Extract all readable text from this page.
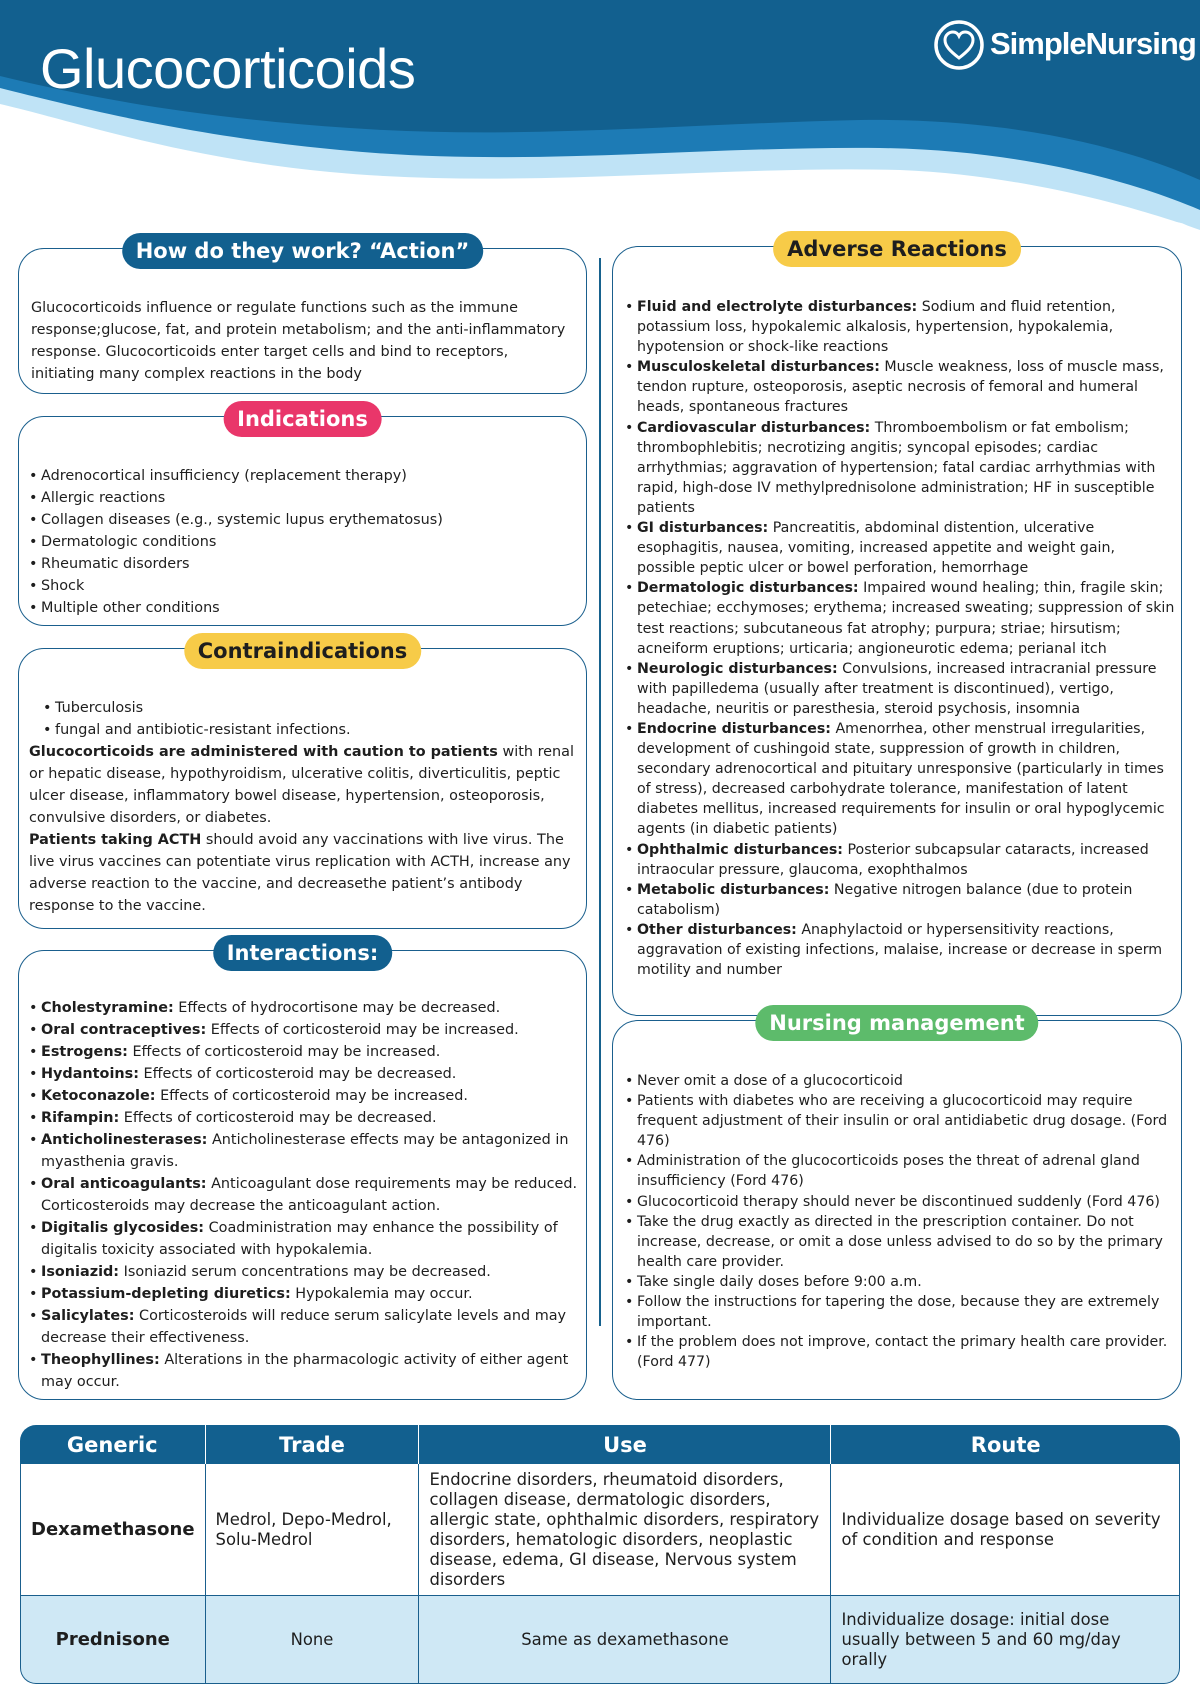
Glucocorticoids	SimpleNursing
How do they work? “Action”
Glucocorticoids influence or regulate functions such as the immune response;glucose, fat, and protein metabolism; and the anti-inflammatory response. Glucocorticoids enter target cells and bind to receptors, initiating many complex reactions in the body
Indications
• Adrenocortical insufficiency (replacement therapy)
• Allergic reactions
• Collagen diseases (e.g., systemic lupus erythematosus)
• Dermatologic conditions
• Rheumatic disorders
• Shock
• Multiple other conditions
Contraindications
• Tuberculosis
• fungal and antibiotic-resistant infections.
Glucocorticoids are administered with caution to patients with renal or hepatic disease, hypothyroidism, ulcerative colitis, diverticulitis, peptic ulcer disease, inflammatory bowel disease, hypertension, osteoporosis, convulsive disorders, or diabetes.
Patients taking ACTH should avoid any vaccinations with live virus. The live virus vaccines can potentiate virus replication with ACTH, increase any adverse reaction to the vaccine, and decreasethe patient’s antibody response to the vaccine.
Interactions:
• Cholestyramine: Effects of hydrocortisone may be decreased.
• Oral contraceptives: Effects of corticosteroid may be increased.
• Estrogens: Effects of corticosteroid may be increased.
• Hydantoins: Effects of corticosteroid may be decreased.
• Ketoconazole: Effects of corticosteroid may be increased.
• Rifampin: Effects of corticosteroid may be decreased.
• Anticholinesterases: Anticholinesterase effects may be antagonized in myasthenia gravis.
• Oral anticoagulants: Anticoagulant dose requirements may be reduced. Corticosteroids may decrease the anticoagulant action.
• Digitalis glycosides: Coadministration may enhance the possibility of digitalis toxicity associated with hypokalemia.
• Isoniazid: Isoniazid serum concentrations may be decreased.
• Potassium-depleting diuretics: Hypokalemia may occur.
• Salicylates: Corticosteroids will reduce serum salicylate levels and may decrease their effectiveness.
• Theophyllines: Alterations in the pharmacologic activity of either agent may occur.
Adverse Reactions
• Fluid and electrolyte disturbances: Sodium and fluid retention, potassium loss, hypokalemic alkalosis, hypertension, hypokalemia, hypotension or shock-like reactions
• Musculoskeletal disturbances: Muscle weakness, loss of muscle mass, tendon rupture, osteoporosis, aseptic necrosis of femoral and humeral heads, spontaneous fractures
• Cardiovascular disturbances: Thromboembolism or fat embolism; thrombophlebitis; necrotizing angitis; syncopal episodes; cardiac arrhythmias; aggravation of hypertension; fatal cardiac arrhythmias with rapid, high-dose IV methylprednisolone administration; HF in susceptible patients
• GI disturbances: Pancreatitis, abdominal distention, ulcerative esophagitis, nausea, vomiting, increased appetite and weight gain, possible peptic ulcer or bowel perforation, hemorrhage
• Dermatologic disturbances: Impaired wound healing; thin, fragile skin; petechiae; ecchymoses; erythema; increased sweating; suppression of skin test reactions; subcutaneous fat atrophy; purpura; striae; hirsutism; acneiform eruptions; urticaria; angioneurotic edema; perianal itch
• Neurologic disturbances: Convulsions, increased intracranial pressure with papilledema (usually after treatment is discontinued), vertigo, headache, neuritis or paresthesia, steroid psychosis, insomnia
• Endocrine disturbances: Amenorrhea, other menstrual irregularities, development of cushingoid state, suppression of growth in children, secondary adrenocortical and pituitary unresponsive (particularly in times of stress), decreased carbohydrate tolerance, manifestation of latent diabetes mellitus, increased requirements for insulin or oral hypoglycemic agents (in diabetic patients)
• Ophthalmic disturbances: Posterior subcapsular cataracts, increased intraocular pressure, glaucoma, exophthalmos
• Metabolic disturbances: Negative nitrogen balance (due to protein catabolism)
• Other disturbances: Anaphylactoid or hypersensitivity reactions, aggravation of existing infections, malaise, increase or decrease in sperm motility and number
Nursing management
• Never omit a dose of a glucocorticoid
• Patients with diabetes who are receiving a glucocorticoid may require frequent adjustment of their insulin or oral antidiabetic drug dosage. (Ford 476)
• Administration of the glucocorticoids poses the threat of adrenal gland insufficiency (Ford 476)
• Glucocorticoid therapy should never be discontinued suddenly (Ford 476)
• Take the drug exactly as directed in the prescription container. Do not increase, decrease, or omit a dose unless advised to do so by the primary health care provider.
• Take single daily doses before 9:00 a.m.
• Follow the instructions for tapering the dose, because they are extremely important.
• If the problem does not improve, contact the primary health care provider. (Ford 477)
Generic	Trade	Use	Route
Dexamethasone	Medrol, Depo-Medrol, Solu-Medrol	Endocrine disorders, rheumatoid disorders, collagen disease, dermatologic disorders, allergic state, ophthalmic disorders, respiratory disorders, hematologic disorders, neoplastic disease, edema, GI disease, Nervous system disorders	Individualize dosage based on severity of condition and response
Prednisone	None	Same as dexamethasone	Individualize dosage: initial dose usually between 5 and 60 mg/day orally
